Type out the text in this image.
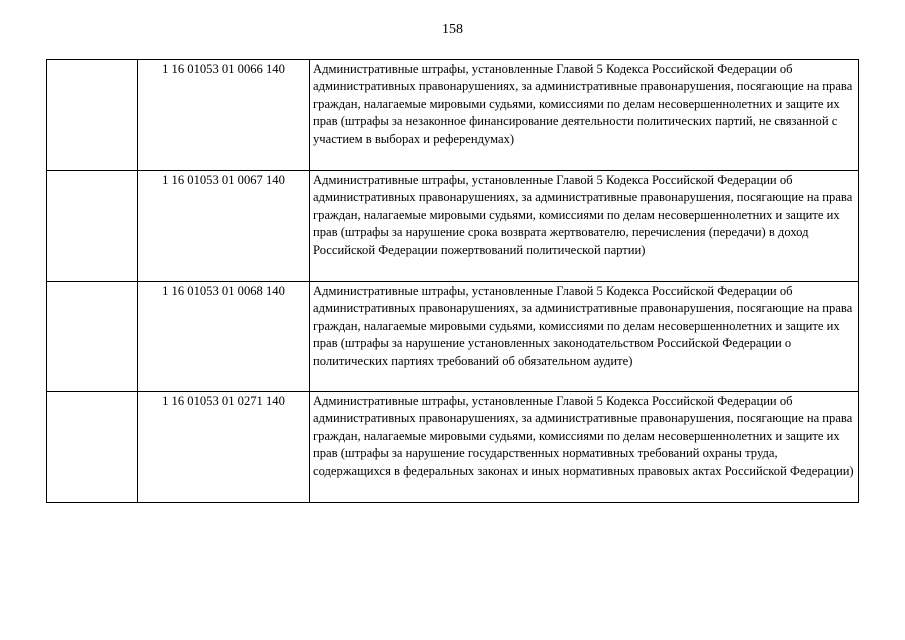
158
	1 16 01053 01 0066 140	Административные штрафы, установленные Главой 5 Кодекса Российской Федерации об административных правонарушениях, за административные правонарушения, посягающие на права граждан, налагаемые мировыми судьями, комиссиями по делам несовершеннолетних и защите их прав (штрафы за незаконное финансирование деятельности политических партий, не связанной с участием в выборах и референдумах)
	1 16 01053 01 0067 140	Административные штрафы, установленные Главой 5 Кодекса Российской Федерации об административных правонарушениях, за административные правонарушения, посягающие на права граждан, налагаемые мировыми судьями, комиссиями по делам несовершеннолетних и защите их прав (штрафы за нарушение срока возврата жертвователю, перечисления (передачи) в доход Российской Федерации пожертвований политической партии)
	1 16 01053 01 0068 140	Административные штрафы, установленные Главой 5 Кодекса Российской Федерации об административных правонарушениях, за административные правонарушения, посягающие на права граждан, налагаемые мировыми судьями, комиссиями по делам несовершеннолетних и защите их прав (штрафы за нарушение установленных законодательством Российской Федерации о политических партиях требований об обязательном аудите)
	1 16 01053 01 0271 140	Административные штрафы, установленные Главой 5 Кодекса Российской Федерации об административных правонарушениях, за административные правонарушения, посягающие на права граждан, налагаемые мировыми судьями, комиссиями по делам несовершеннолетних и защите их прав (штрафы за нарушение государственных нормативных требований охраны труда, содержащихся в федеральных законах и иных нормативных правовых актах Российской Федерации)
